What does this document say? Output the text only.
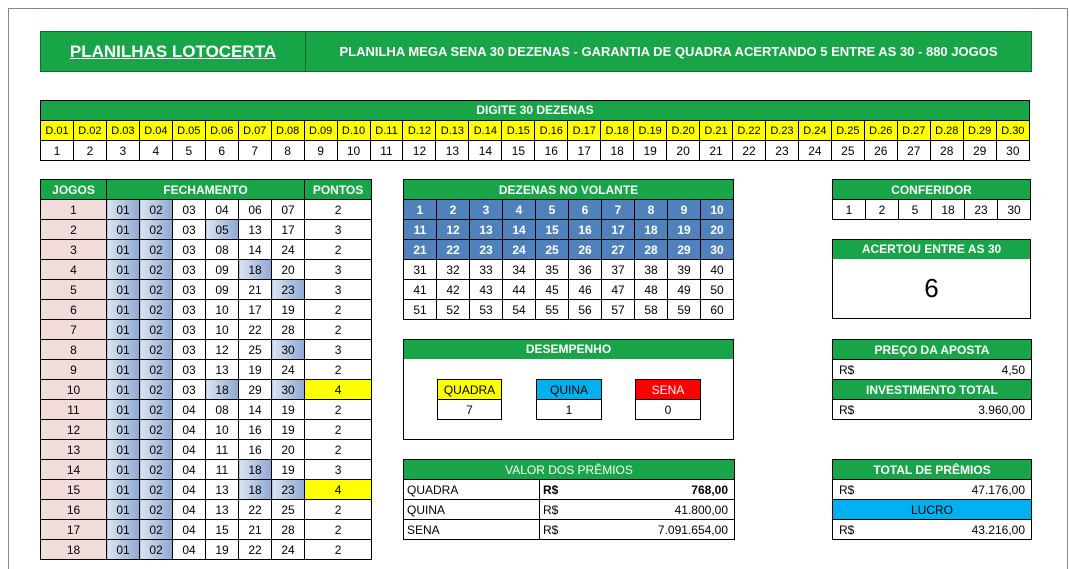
PLANILHAS LOTOCERTA	PLANILHA MEGA SENA 30 DEZENAS - GARANTIA DE QUADRA ACERTANDO 5 ENTRE AS 30 - 880 JOGOS
DIGITE 30 DEZENAS
D.01	D.02	D.03	D.04	D.05	D.06	D.07	D.08	D.09	D.10	D.11	D.12	D.13	D.14	D.15	D.16	D.17	D.18	D.19	D.20	D.21	D.22	D.23	D.24	D.25	D.26	D.27	D.28	D.29	D.30
1	2	3	4	5	6	7	8	9	10	11	12	13	14	15	16	17	18	19	20	21	22	23	24	25	26	27	28	29	30
JOGOS	FECHAMENTO						PONTOS
1	01	02	03	04	06	07	2
2	01	02	03	05	13	17	3
3	01	02	03	08	14	24	2
4	01	02	03	09	18	20	3
5	01	02	03	09	21	23	3
6	01	02	03	10	17	19	2
7	01	02	03	10	22	28	2
8	01	02	03	12	25	30	3
9	01	02	03	13	19	24	2
10	01	02	03	18	29	30	4
11	01	02	04	08	14	19	2
12	01	02	04	10	16	19	2
13	01	02	04	11	16	20	2
14	01	02	04	11	18	19	3
15	01	02	04	13	18	23	4
16	01	02	04	13	22	25	2
17	01	02	04	15	21	28	2
18	01	02	04	19	22	24	2
DEZENAS NO VOLANTE									
1	2	3	4	5	6	7	8	9	10
11	12	13	14	15	16	17	18	19	20
21	22	23	24	25	26	27	28	29	30
31	32	33	34	35	36	37	38	39	40
41	42	43	44	45	46	47	48	49	50
51	52	53	54	55	56	57	58	59	60
DESEMPENHO
QUADRA
7
QUINA
1
SENA
0
VALOR DOS PRÊMIOS		
QUADRA	R$	768,00
QUINA	R$	41.800,00
SENA	R$	7.091.654,00
CONFERIDOR
1	2	5	18	23	30
ACERTOU ENTRE AS 30
6
PREÇO DA APOSTA	
R$	4,50
INVESTIMENTO TOTAL	
R$	3.960,00
TOTAL DE PRÊMIOS	
R$	47.176,00
LUCRO	
R$	43.216,00
